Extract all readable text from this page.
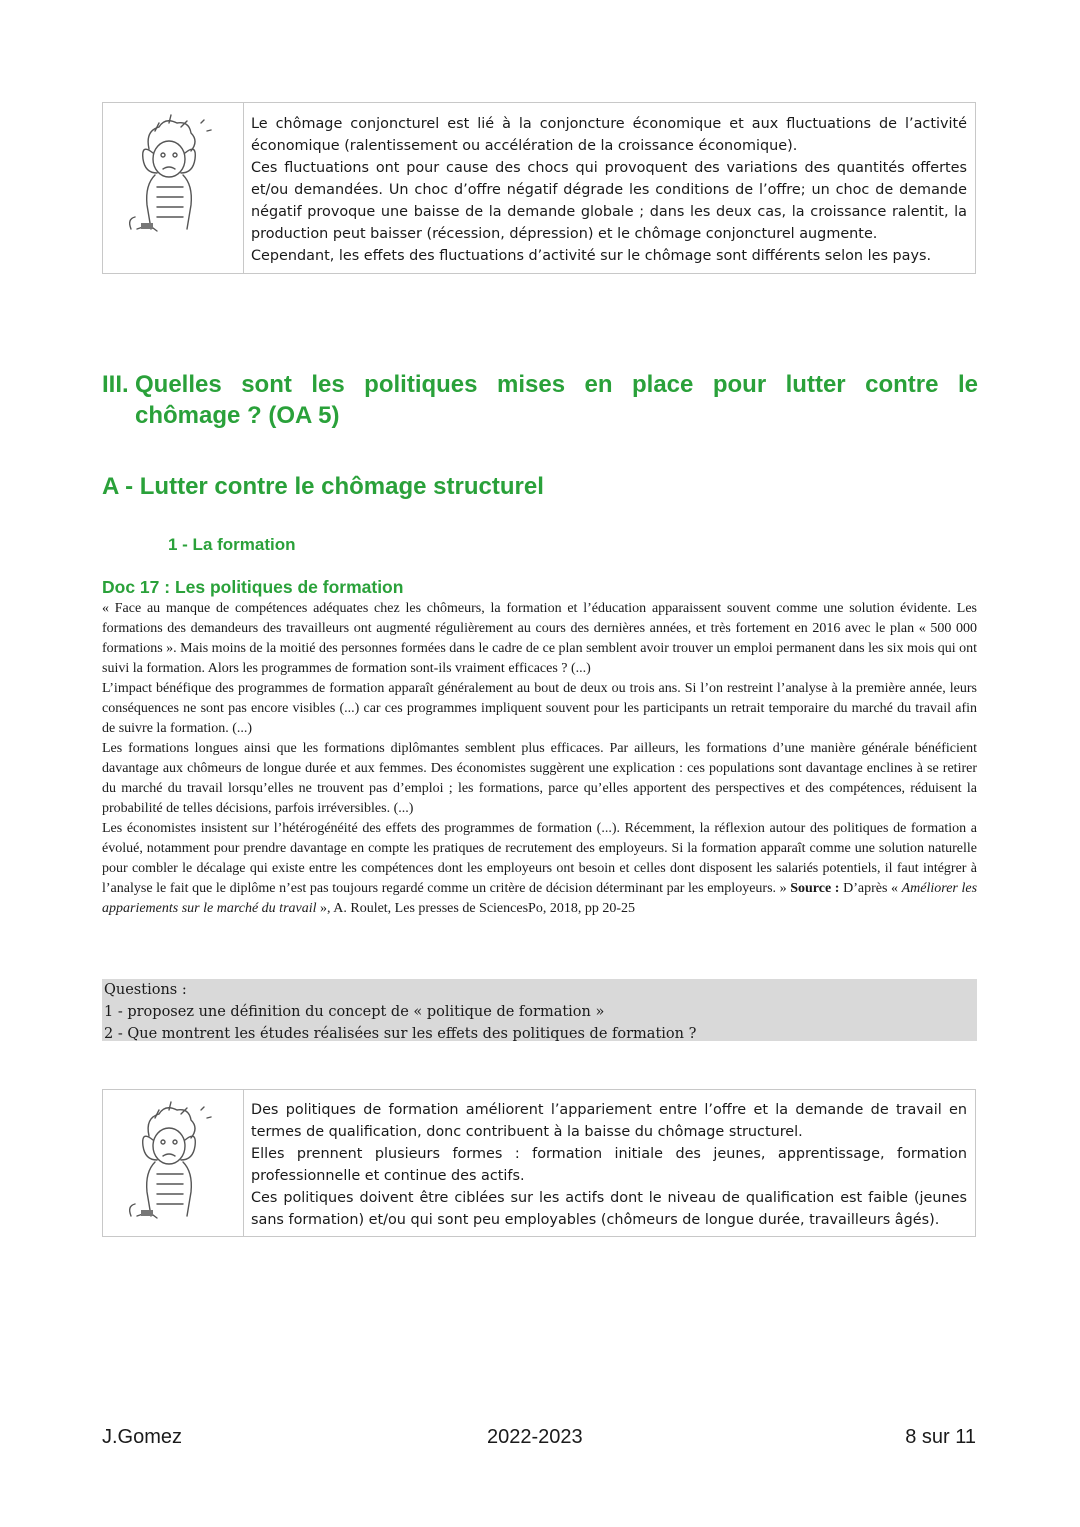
Le chômage conjoncturel est lié à la conjoncture économique et aux fluctuations de l’activité économique (ralentissement ou accélération de la croissance économique).

Ces fluctuations ont pour cause des chocs qui provoquent des variations des quantités offertes et/ou demandées. Un choc d’offre négatif dégrade les conditions de l’offre; un choc de demande négatif provoque une baisse de la demande globale ; dans les deux cas, la croissance ralentit, la production peut baisser (récession, dépression) et le chômage conjoncturel augmente.

Cependant, les effets des fluctuations d’activité sur le chômage sont différents selon les pays.

III. Quelles sont les politiques mises en place pour lutter contre le
chômage ? (OA 5)
A - Lutter contre le chômage structurel
1 - La formation
Doc 17 : Les politiques de formation

« Face au manque de compétences adéquates chez les chômeurs, la formation et l’éducation apparaissent souvent comme une solution évidente. Les formations des demandeurs des travailleurs ont augmenté régulièrement au cours des dernières années, et très fortement en 2016 avec le plan « 500 000 formations ». Mais moins de la moitié des personnes formées dans le cadre de ce plan semblent avoir trouver un emploi permanent dans les six mois qui ont suivi la formation. Alors les programmes de formation sont-ils vraiment efficaces ? (...)

L’impact bénéfique des programmes de formation apparaît généralement au bout de deux ou trois ans. Si l’on restreint l’analyse à la première année, leurs conséquences ne sont pas encore visibles (...) car ces programmes impliquent souvent pour les participants un retrait temporaire du marché du travail afin de suivre la formation. (...)

Les formations longues ainsi que les formations diplômantes semblent plus efficaces. Par ailleurs, les formations d’une manière générale bénéficient davantage aux chômeurs de longue durée et aux femmes. Des économistes suggèrent une explication : ces populations sont davantage enclines à se retirer du marché du travail lorsqu’elles ne trouvent pas d’emploi ; les formations, parce qu’elles apportent des perspectives et des compétences, réduisent la probabilité de telles décisions, parfois irréversibles. (...)

Les économistes insistent sur l’hétérogénéité des effets des programmes de formation (...). Récemment, la réflexion autour des politiques de formation a évolué, notamment pour prendre davantage en compte les pratiques de recrutement des employeurs. Si la formation apparaît comme une solution naturelle pour combler le décalage qui existe entre les compétences dont les employeurs ont besoin et celles dont disposent les salariés potentiels, il faut intégrer à l’analyse le fait que le diplôme n’est pas toujours regardé comme un critère de décision déterminant par les employeurs. » Source : D’après « Améliorer les appariements sur le marché du travail », A. Roulet, Les presses de SciencesPo, 2018, pp 20-25

Questions :

1 - proposez une définition du concept de « politique de formation »

2 - Que montrent les études réalisées sur les effets des politiques de formation ?

Des politiques de formation améliorent l’appariement entre l’offre et la demande de travail en termes de qualification, donc contribuent à la baisse du chômage structurel.

Elles prennent plusieurs formes : formation initiale des jeunes, apprentissage, formation professionnelle et continue des actifs.

Ces politiques doivent être ciblées sur les actifs dont le niveau de qualification est faible (jeunes sans formation) et/ou qui sont peu employables (chômeurs de longue durée, travailleurs âgés).

J.Gomez	2022-2023	8 sur 11
